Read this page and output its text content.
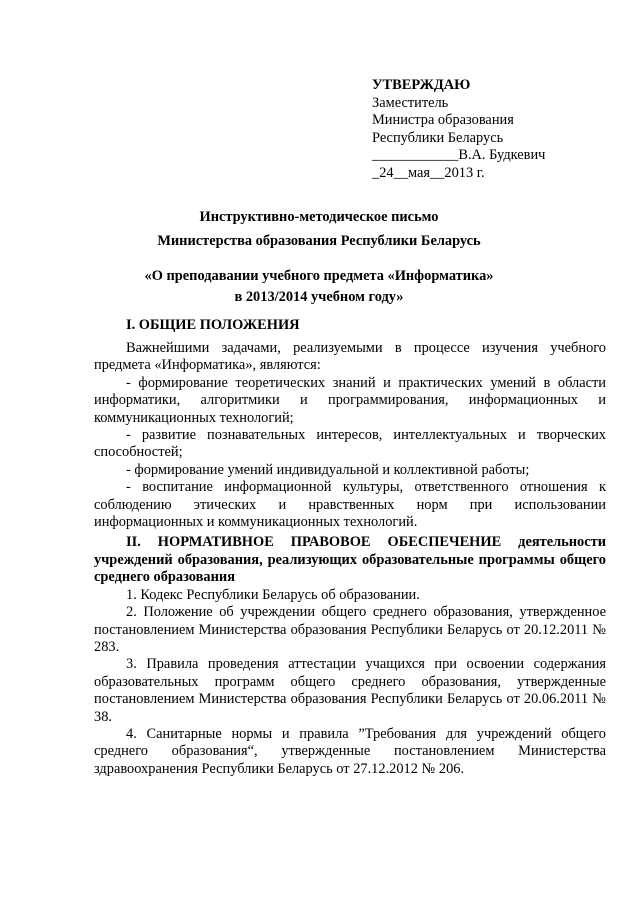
УТВЕРЖДАЮ
Заместитель
Министра образования
Республики Беларусь
____________В.А. Будкевич
_24__мая__2013 г.
Инструктивно-методическое письмо
Министерства образования Республики Беларусь
«О преподавании учебного предмета «Информатика»
в 2013/2014 учебном году»
I. ОБЩИЕ ПОЛОЖЕНИЯ

Важнейшими задачами, реализуемыми в процессе изучения учебного предмета «Информатика», являются:

- формирование теоретических знаний и практических умений в области информатики, алгоритмики и программирования, информационных и коммуникационных технологий;

- развитие познавательных интересов, интеллектуальных и творческих способностей;

- формирование умений индивидуальной и коллективной работы;

- воспитание информационной культуры, ответственного отношения к соблюдению этических и нравственных норм при использовании информационных и коммуникационных технологий.

II. НОРМАТИВНОЕ ПРАВОВОЕ ОБЕСПЕЧЕНИЕ деятельности учреждений образования, реализующих образовательные программы общего среднего образования

1. Кодекс Республики Беларусь об образовании.

2. Положение об учреждении общего среднего образования, утвержденное постановлением Министерства образования Республики Беларусь от 20.12.2011 № 283.

3. Правила проведения аттестации учащихся при освоении содержания образовательных программ общего среднего образования, утвержденные постановлением Министерства образования Республики Беларусь от 20.06.2011 № 38.

4. Санитарные нормы и правила ”Требования для учреждений общего среднего образования“, утвержденные постановлением Министерства здравоохранения Республики Беларусь от 27.12.2012 № 206.
